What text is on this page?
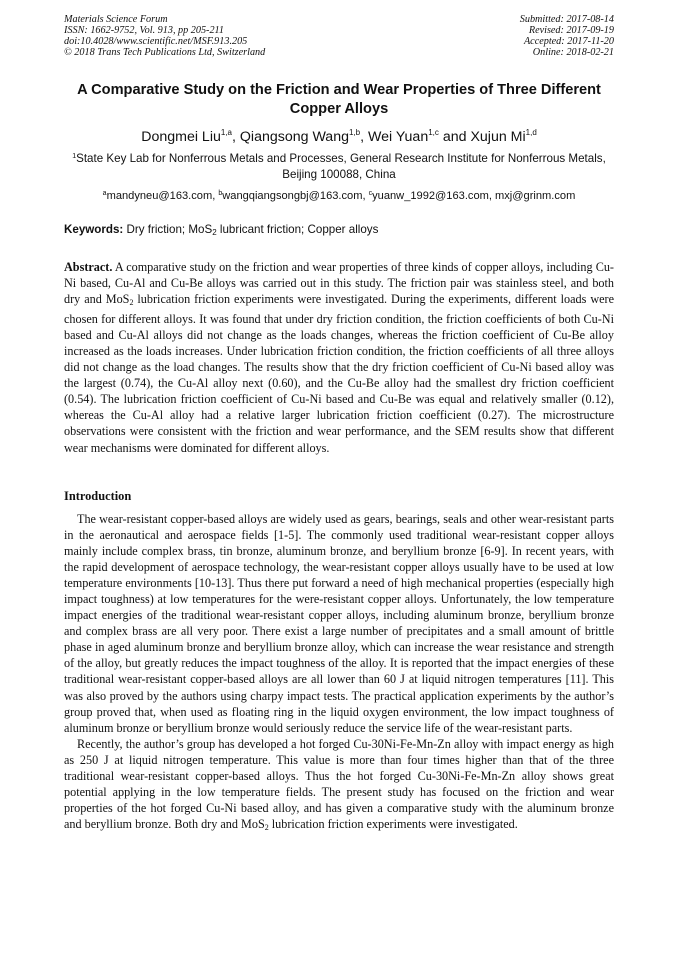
Materials Science Forum
ISSN: 1662-9752, Vol. 913, pp 205-211
doi:10.4028/www.scientific.net/MSF.913.205
© 2018 Trans Tech Publications Ltd, Switzerland
Submitted: 2017-08-14
Revised: 2017-09-19
Accepted: 2017-11-20
Online: 2018-02-21
A Comparative Study on the Friction and Wear Properties of Three Different Copper Alloys
Dongmei Liu$^{1,a}$, Qiangsong Wang$^{1,b}$, Wei Yuan$^{1,c}$ and Xujun Mi$^{1,d}$
$^1$State Key Lab for Nonferrous Metals and Processes, General Research Institute for Nonferrous Metals, Beijing 100088, China
$^a$mandyneu@163.com, $^b$wangqiangsongbj@163.com, $^c$yuanw_1992@163.com, mxj@grinm.com
Keywords: Dry friction; MoS$_2$ lubricant friction; Copper alloys
Abstract. A comparative study on the friction and wear properties of three kinds of copper alloys, including Cu-Ni based, Cu-Al and Cu-Be alloys was carried out in this study. The friction pair was stainless steel, and both dry and MoS$_2$ lubrication friction experiments were investigated. During the experiments, different loads were chosen for different alloys. It was found that under dry friction condition, the friction coefficients of both Cu-Ni based and Cu-Al alloys did not change as the loads changes, whereas the friction coefficient of Cu-Be alloy increased as the loads increases. Under lubrication friction condition, the friction coefficients of all three alloys did not change as the load changes. The results show that the dry friction coefficient of Cu-Ni based alloy was the largest (0.74), the Cu-Al alloy next (0.60), and the Cu-Be alloy had the smallest dry friction coefficient (0.54). The lubrication friction coefficient of Cu-Ni based and Cu-Be was equal and relatively smaller (0.12), whereas the Cu-Al alloy had a relative larger lubrication friction coefficient (0.27). The microstructure observations were consistent with the friction and wear performance, and the SEM results show that different wear mechanisms were dominated for different alloys.
Introduction

The wear-resistant copper-based alloys are widely used as gears, bearings, seals and other wear-resistant parts in the aeronautical and aerospace fields [1-5]. The commonly used traditional wear-resistant copper alloys mainly include complex brass, tin bronze, aluminum bronze, and beryllium bronze [6-9]. In recent years, with the rapid development of aerospace technology, the wear-resistant copper alloys usually have to be used at low temperature environments [10-13]. Thus there put forward a need of high mechanical properties (especially high impact toughness) at low temperatures for the were-resistant copper alloys. Unfortunately, the low temperature impact energies of the traditional wear-resistant copper alloys, including aluminum bronze, beryllium bronze and complex brass are all very poor. There exist a large number of precipitates and a small amount of brittle phase in aged aluminum bronze and beryllium bronze alloy, which can increase the wear resistance and strength of the alloy, but greatly reduces the impact toughness of the alloy. It is reported that the impact energies of these traditional wear-resistant copper-based alloys are all lower than 60 J at liquid nitrogen temperatures [11]. This was also proved by the authors using charpy impact tests. The practical application experiments by the author’s group proved that, when used as floating ring in the liquid oxygen environment, the low impact toughness of aluminum bronze or beryllium bronze would seriously reduce the service life of the wear-resistant parts.

Recently, the author’s group has developed a hot forged Cu-30Ni-Fe-Mn-Zn alloy with impact energy as high as 250 J at liquid nitrogen temperature. This value is more than four times higher than that of the three traditional wear-resistant copper-based alloys. Thus the hot forged Cu-30Ni-Fe-Mn-Zn alloy shows great potential applying in the low temperature fields. The present study has focused on the friction and wear properties of the hot forged Cu-Ni based alloy, and has given a comparative study with the aluminum bronze and beryllium bronze. Both dry and MoS$_2$ lubrication friction experiments were investigated.
